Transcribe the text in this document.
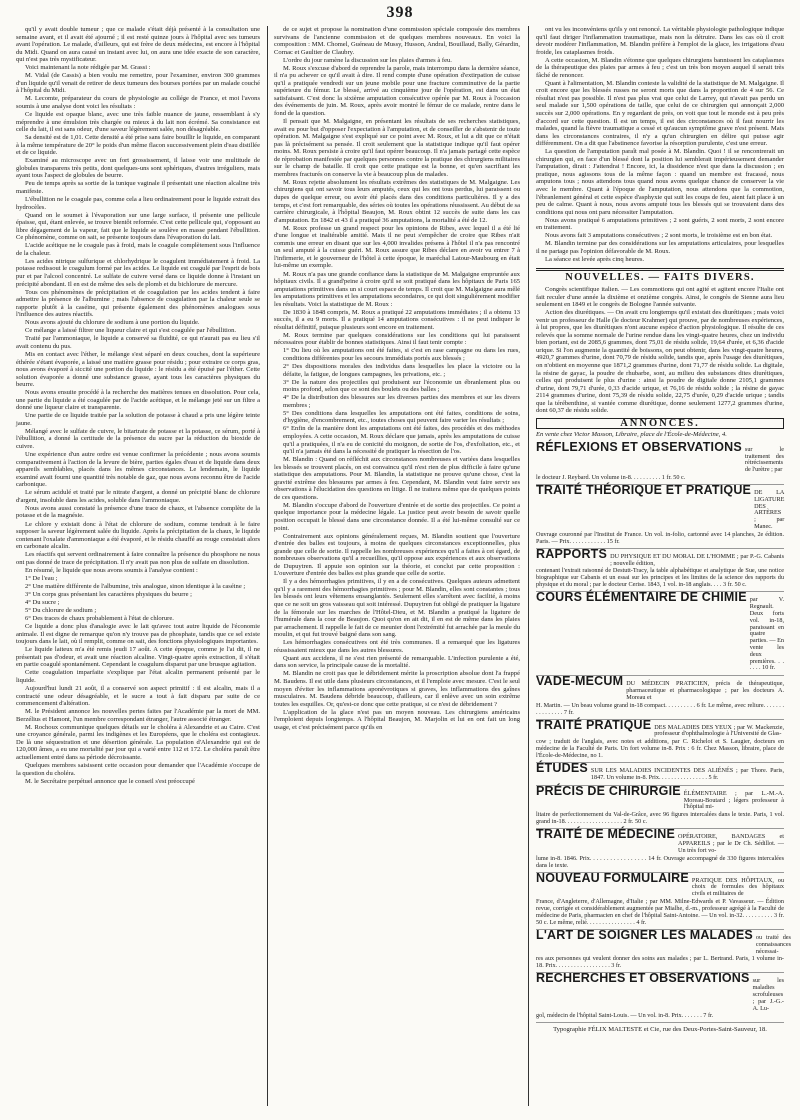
398

qu'il y avait double tumeur ; que ce malade s'était déjà présenté à la consultation une semaine avant, et il avait été ajourné ; il est resté quinze jours à l'hôpital avec ses tumeurs avant l'opération. Le malade, d'ailleurs, qui est frère de deux médecins, est encore à l'hôpital du Midi. Quand on aura causé un instant avec lui, on aura une idée exacte de son caractère, qui n'est pas très mystificateur.

Voici maintenant la note rédigée par M. Grassi :

M. Vidal (de Cassis) a bien voulu me remettre, pour l'examiner, environ 300 grammes d'un liquide qu'il venait de retirer de deux tumeurs des bourses portées par un malade couché à l'hôpital du Midi.

M. Lecomte, préparateur du cours de physiologie au collége de France, et moi l'avons soumis à une analyse dont voici les résultats :

Ce liquide est opaque blanc, avec une très faible nuance de jaune, ressemblant à s'y méprendre à une émulsion très chargée ou mieux à du lait non écrémé. Sa consistance est celle du lait, il est sans odeur, d'une saveur légèrement salée, non désagréable.

Sa densité est de 1,01. Cette densité a été prise sans faire bouillir le liquide, en comparant à la même température de 20° le poids d'un même flacon successivement plein d'eau distillée et de ce liquide.

Examiné au microscope avec un fort grossissement, il laisse voir une multitude de globules transparens très petits, dont quelques-uns sont sphériques, d'autres irréguliers, mais ayant tous l'aspect de globules de beurre.

Peu de temps après sa sortie de la tunique vaginale il présentait une réaction alcaline très manifeste.

L'ébullition ne le coagule pas, comme cela a lieu ordinairement pour le liquide extrait des hydrocèles.

Quand on le soumet à l'évaporation sur une large surface, il présente une pellicule épaisse, qui, étant enlevée, se trouve bientôt reformée. C'est cette pellicule qui, s'opposant au libre dégagement de la vapeur, fait que le liquide se soulève en masse pendant l'ébullition. Ce phénomène, comme on sait, se présente toujours dans l'évaporation du lait.

L'acide acétique ne le coagule pas à froid, mais le coagule complètement sous l'influence de la chaleur.

Les acides nitrique sulfurique et chlorhydrique le coagulent immédiatement à froid. La potasse redissout le coagulum formé par les acides. Le liquide est coagulé par l'esprit de bois pur et par l'alcool concentré. Le sulfate de cuivre versé dans ce liquide donne à l'instant un précipité abondant. Il en est de même des sels de plomb et du bichlorure de mercure.

Tous ces phénomènes de précipitation et de coagulation par les acides tendent à faire admettre la présence de l'albumine ; mais l'absence de coagulation par la chaleur seule se rapporte plutôt à la caséine, qui présente également des phénomènes analogues sous l'influence des autres réactifs.

Nous avons ajouté du chlorure de sodium à une portion du liquide.

Ce mélange a laissé filtrer une liqueur claire et qui s'est coagulée par l'ébullition.

Traité par l'ammoniaque, le liquide a conservé sa fluidité, ce qui n'aurait pas eu lieu s'il avait contenu du pus.

Mis en contact avec l'éther, le mélange s'est séparé en deux couches, dont la supérieure éthérée s'étant évaporée, a laissé une matière grasse pour résidu ; pour extraire ce corps gras, nous avons évaporé à siccité une portion du liquide : le résidu a été épuisé par l'éther. Cette solution évaporée a donné une substance grasse, ayant tous les caractères physiques du beurre.

Nous avons ensuite procédé à la recherche des matières tenues en dissolution. Pour cela, une partie du liquide a été coagulée par de l'acide acétique, et le mélange jeté sur un filtre a donné une liqueur claire et transparente.

Une partie de ce liquide traitée par la solution de potasse à chaud a pris une légère teinte jaune.

Mélangé avec le sulfate de cuivre, le bitartrate de potasse et la potasse, ce sérum, porté à l'ébullition, a donné la certitude de la présence du sucre par la réduction du bioxide de cuivre.

Une expérience d'un autre ordre est venue confirmer la précédente ; nous avons soumis comparativement à l'action de la levure de bière, parties égales d'eau et de liquide dans deux appareils semblables, placés dans les mêmes circonstances. Le lendemain, le liquide examiné avait fourni une quantité très notable de gaz, que nous avons reconnu être de l'acide carbonique.

Le sérum acidulé et traité par le nitrate d'argent, a donné un précipité blanc de chlorure d'argent, insoluble dans les acides, soluble dans l'ammoniaque.

Nous avons aussi constaté la présence d'une trace de chaux, et l'absence complète de la potasse et de la magnésie.

Le chlore y existait donc à l'état de chlorure de sodium, comme tendrait à le faire supposer la saveur légèrement salée du liquide. Après la précipitation de la chaux, le liquide contenant l'oxalate d'ammoniaque a été évaporé, et le résidu chauffé au rouge consistait alors en carbonate alcalin.

Les réactifs qui servent ordinairement à faire connaître la présence du phosphore ne nous ont pas donné de trace de précipitation. Il n'y avait pas non plus de sulfate en dissolution.

En résumé, le liquide que nous avons soumis à l'analyse contient :

1° De l'eau ;

2° Une matière différente de l'albumine, très analogue, sinon identique à la caséine ;

3° Un corps gras présentant les caractères physiques du beurre ;

4° Du sucre ;

5° Du chlorure de sodium ;

6° Des traces de chaux probablement à l'état de chlorure.

Ce liquide a donc plus d'analogie avec le lait qu'avec tout autre liquide de l'économie animale. Il est digne de remarque qu'on n'y trouve pas de phosphate, tandis que ce sel existe toujours dans le lait, où il remplit, comme on sait, des fonctions physiologiques importantes.

Le liquide laiteux m'a été remis jeudi 17 août. A cette époque, comme je l'ai dit, il ne présentait pas d'odeur, et avait une réaction alcaline. Vingt-quatre après extraction, il s'était en partie coagulé spontanément. Cependant le coagulum disparut par une brusque agitation.

Cette coagulation imparfaite s'explique par l'état alcalin permanent présenté par le liquide.

Aujourd'hui lundi 21 août, il a conservé son aspect primitif : il est alcalin, mais il a contracté une odeur désagréable, et le sucre a tout à fait disparu par suite de ce commencement d'altération.

M. le Président annonce les nouvelles pertes faites par l'Académie par la mort de MM. Berzélius et Hamont, l'un membre correspondant étranger, l'autre associé étranger.

M. Rochoux communique quelques détails sur le choléra à Alexandrie et au Caire. C'est une croyance générale, parmi les indigènes et les Européens, que le choléra est contagieux. De là une séquestration et une désertion générale. La population d'Alexandrie qui est de 120,000 âmes, a eu une mortalité par jour qui a varié entre 112 et 172. Le choléra paraît être actuellement entré dans sa période décroissante.

Quelques membres saisissent cette occasion pour demander que l'Académie s'occupe de la question du choléra.

M. le Secrétaire perpétuel annonce que le conseil s'est préoccupé

de ce sujet et propose la nomination d'une commission spéciale composée des membres survivans de l'ancienne commission et de quelques membres nouveaux. En voici la composition : MM. Chomel, Guéneau de Mussy, Husson, Andral, Bouillaud, Bally, Gérardin, Cornac et Gaultier de Claubry.

L'ordre du jour ramène la discussion sur les plaies d'armes à feu.

M. Roux s'excuse d'abord de reprendre la parole, mais interrompu dans la dernière séance, il n'a pu achever ce qu'il avait à dire. Il rend compte d'une opération d'extirpation de cuisse qu'il a pratiquée vendredi sur un jeune mobile pour une fracture comminutive de la partie supérieure du fémur. Le blessé, arrivé au cinquième jour de l'opération, est dans un état satisfaisant. C'est donc la sixième amputation consécutive opérée par M. Roux à l'occasion des événements de juin. M. Roux, après avoir montré le fémur de ce malade, rentre dans le fond de la question.

Il pensait que M. Malgaigne, en présentant les résultats de ses recherches statistiques, avait eu pour but d'opposer l'expectation à l'amputation, et de conseiller de s'abstenir de toute opération. M. Malgaigne s'est expliqué sur ce point avec M. Roux, et lui a dit que ce n'était pas là précisément sa pensée. Il croit seulement que la statistique indique qu'il faut opérer moins. M. Roux persiste à croire qu'il faut opérer beaucoup. Il n'a jamais partagé cette espèce de réprobation manifestée par quelques personnes contre la pratique des chirurgiens militaires sur le champ de bataille. Il croit que cette pratique est la bonne, et qu'en sacrifiant les membres fracturés on conserve la vie à beaucoup plus de malades.

M. Roux rejette absolument les résultats extrêmes des statistiques de M. Malgaigne. Les chirurgiens qui ont savoir tous leurs amputés, ceux qui les ont tous perdus, lui paraissent ou dupes de quelque erreur, ou avoir été placés dans des conditions particulières. Il y a des temps, et c'est fort remarquable, des séries où toutes les opérations réussissent. Au début de sa carrière chirurgicale, à l'hôpital Beaujon, M. Roux obtint 12 succès de suite dans les cas d'amputation. En 1842 et 43 il a pratiqué 36 amputations, la mortalité a été de 12.

M. Roux professe un grand respect pour les opinions de Ribes, avec lequel il a été lié d'une longue et inaltérable amitié. Mais il ne peut s'empêcher de croire que Ribes n'ait commis une erreur en disant que sur les 4,000 invalides présens à l'hôtel il n'a pas rencontré un seul amputé à la cuisse guéri. M. Roux assure que Ribes déclare en avoir vu entrer 7 à l'infirmerie, et le gouverneur de l'hôtel à cette époque, le maréchal Latour-Maubourg en était lui-même un exemple.

M. Roux n'a pas une grande confiance dans la statistique de M. Malgaigne empruntée aux hôpitaux civils. Il a grand'peine à croire qu'il se soit pratiqué dans les hôpitaux de Paris 165 amputations primitives dans un si court espace de temps. Il croit que M. Malgaigne aura mêlé les amputations primitives et les amputations secondaires, ce qui doit singulièrement modifier les résultats. Voici la statistique de M. Roux :

De 1830 à 1848 compris, M. Roux a pratiqué 22 amputations immédiates ; il a obtenu 13 succès, il a eu 9 morts. Il a pratiqué 14 amputations consécutives : il ne peut indiquer le résultat définitif, puisque plusieurs sont encore en traitement.

M. Roux termine par quelques considérations sur les conditions qui lui paraissent nécessaires pour établir de bonnes statistiques. Ainsi il faut tenir compte :

1° Du lieu où les amputations ont été faites, si c'est en rase campagne ou dans les rues, conditions différentes pour les secours immédiats portés aux blessés ;

2° Des dispositions morales des individus dans lesquelles les place la victoire ou la défaite, la fatigue, de longues campagnes, les privations, etc. ;

3° De la nature des projectiles qui produisent sur l'économie un ébranlement plus ou moins profond, selon que ce sont des boulets ou des balles ;

4° De la distribution des blessures sur les diverses parties des membres et sur les divers membres ;

5° Des conditions dans lesquelles les amputations ont été faites, conditions de soins, d'hygiène, d'encombrement, etc., toutes choses qui peuvent faire varier les résultats ;

6° Enfin de la manière dont les amputations ont été faites, des procédés et des méthodes employées. A cette occasion, M. Roux déclare que jamais, après les amputations de cuisse qu'il a pratiquées, il n'a eu de conicité du moignon, de sortie de l'os, d'exfoliation, etc., et qu'il n'a jamais été dans la nécessité de pratiquer la résection de l'os.

M. Blandin : Quand on réfléchit aux circonstances nombreuses et variées dans lesquelles les blessés se trouvent placés, on est convaincu qu'il n'est rien de plus difficile à faire qu'une statistique des amputations. Pour M. Blandin, la statistique ne prouve qu'une chose, c'est la gravité extrême des blessures par armes à feu. Cependant, M. Blandin veut faire servir ses observations à l'élucidation des questions en litige. Il ne traitera même que de quelques points de ces questions.

M. Blandin s'occupe d'abord de l'ouverture d'entrée et de sortie des projectiles. Ce point a quelque importance pour la médecine légale. La justice peut avoir besoin de savoir quelle position occupait le blessé dans une circonstance donnée. Il a été lui-même consulté sur ce point.

Contrairement aux opinions généralement reçues, M. Blandin soutient que l'ouverture d'entrée des balles est toujours, à moins de quelques circonstances exceptionnelles, plus grande que celle de sortie. Il rappelle les nombreuses expériences qu'il a faites à cet égard, de nombreuses observations qu'il a recueillies, qu'il oppose aux expériences et aux observations de Dupuytren. Il appuie son opinion sur la théorie, et conclut par cette proposition : L'ouverture d'entrée des balles est plus grande que celle de sortie.

Il y a des hémorrhagies primitives, il y en a de consécutives. Quelques auteurs admettent qu'il y a rarement des hémorrhagies primitives ; pour M. Blandin, elles sont constantes ; tous les blessés ont leurs vêtemens ensanglantés. Seulement elles s'arrêtent avec facilité, à moins que ce ne soit un gros vaisseau qui soit intéressé. Dupuytren fut obligé de pratiquer la ligature de la fémorale sur les marches de l'Hôtel-Dieu, et M. Blandin a pratiqué la ligature de l'humérale dans la cour de Beaujon. Quoi qu'on en ait dit, il en est de même dans les plaies par arrachement. Il rappelle le fait de ce meunier dont l'extrémité fut arrachée par la meule du moulin, et qui fut trouvé baigné dans son sang.

Les hémorrhagies consécutives ont été très communes. Il a remarqué que les ligatures réussissaient mieux que dans les autres blessures.

Quant aux accidens, il ne s'est rien présenté de remarquable. L'infection purulente a été, dans son service, la principale cause de la mortalité.

M. Blandin ne croit pas que le débridement mérite la proscription absolue dont l'a frappé M. Baudens. Il est utile dans plusieurs circonstances, et il l'emploie avec mesure. C'est le seul moyen d'éviter les inflammations aponévrotiques si graves, les inflammations des gaînes musculaires. M. Baudens débride beaucoup, d'ailleurs, car il enlève avec un soin extrême toutes les esquilles. Or, qu'est-ce donc que cette pratique, si ce n'est de débridement ?

L'application de la glace n'est pas un moyen nouveau. Les chirurgiens américains l'emploient depuis longtemps. A l'hôpital Beaujon, M. Marjolin et lui en ont fait un long usage, et c'est précisément parce qu'ils en

ont vu les inconvéniens qu'ils y ont renoncé. La véritable physiologie pathologique indique qu'il faut diriger l'inflammation traumatique, mais non la détruire. Dans les cas où il croit devoir modérer l'inflammation, M. Blandin préfère à l'emploi de la glace, les irrigations d'eau froide, les cataplasmes froids.

A cette occasion, M. Blandin s'étonne que quelques chirurgiens bannissent les cataplasmes de la thérapeutique des plaies par armes à feu ; c'est un très bon moyen auquel il serait très fâché de renoncer.

Quant à l'alimentation, M. Blandin conteste la validité de la statistique de M. Malgaigne. Il croit encore que les blessés russes ne seront morts que dans la proportion de 4 sur 56. Ce résultat n'est pas possible. Il n'est pas plus vrai que celui de Larrey, qui n'avait pas perdu un seul malade sur 1,500 opérations de taille, que celui de ce chirurgien qui annonçait 2,000 succès sur 2,000 opérations. En y regardant de près, on voit que tout le monde est à peu près d'accord sur cette question. Il est un temps, il est des circonstances où il faut nourrir les malades, quand la fièvre traumatique a cessé et qu'aucun symptôme grave n'est présent. Mais dans les circonstances contraires, il n'y a qu'un chirurgien en délire qui puisse agir différemment. On a dit que l'abstinence favorise la résorption purulente, c'est une erreur.

La question de l'amputation paraît mal posée à M. Blandin. Quoi ! il se rencontrerait un chirurgien qui, en face d'un blessé dont la position lui semblerait impérieusement demander l'amputation, dirait : J'attendrai ! Encore, ici, la dissidence n'est que dans la discussion ; en pratique, nous agissons tous de la même façon : quand un membre est fracassé, nous amputons tous ; nous attendons tous quand nous avons quelque chance de conserver la vie avec le membre. Quant à l'époque de l'amputation, nous attendons que la commotion, l'ébranlement général et cette espèce d'asphyxie qui suit les coups de feu, aient fait place à un peu de calme. Quant à nous, nous avons amputé tous les blessés qui se trouvaient dans des conditions qui nous ont paru nécessiter l'amputation.

Nous avons pratiqué 6 amputations primitives ; 2 sont guéris, 2 sont morts, 2 sont encore en traitement.

Nous avons fait 3 amputations consécutives ; 2 sont morts, le troisième est en bon état.

M. Blandin termine par des considérations sur les amputations articulaires, pour lesquelles il ne partage pas l'opinion défavorable de M. Roux.

La séance est levée après cinq heures.

NOUVELLES. — FAITS DIVERS.

Congrès scientifique italien. — Les commotions qui ont agité et agitent encore l'Italie ont fait reculer d'une année la dixième et onzième congrès. Ainsi, le congrès de Sienne aura lieu seulement en 1849 et le congrès de Bologne l'année suivante.

Action des diurétiques. — On avait cru longtemps qu'il existait des diurétiques ; mais voici venir un professeur de Halle (le docteur Krahmer) qui prouve, par de nombreuses expériences, à lui propres, que les diurétiques n'ont aucune espèce d'action physiologique. Il résulte de ces relevés que la somme normale de l'urine rendue dans les vingt-quatre heures, chez un individu bien portant, est de 2085,6 grammes, dont 75,01 de résidu solide, 19,64 d'urée, et 6,36 d'acide urique. Si l'on augmente la quantité de boissons, on peut obtenir, dans les vingt-quatre heures, 4920,7 grammes d'urine, dont 70,79 de résidu solide, tandis que, après l'usage des diurétiques, on n'obtient en moyenne que 1871,2 grammes d'urine, dont 71,77 de résidu solide. La digitale, la résine de gayac, la poudre de rhubarbe, sont, au milieu des substances dites diurétiques, celles qui produisent le plus d'urine : ainsi la poudre de digitale donne 2105,1 grammes d'urine, dont 79,71 d'urée, 0,33 d'acide urique, et 76,16 de résidu solide ; la résine de gayac 2114 grammes d'urine, dont 75,39 de résidu solide, 22,75 d'urée, 0,29 d'acide urique ; tandis que la térébenthine, si vantée comme diurétique, donne seulement 1277,2 grammes d'urine, dont 60,37 de résidu solide.

ANNONCES.
En vente chez Victor Masson, Libraire, place de l'École-de-Médecine, 4.
RÉFLEXIONS ET OBSERVATIONS sur le traitement des rétrécissements de l'urètre ; par
le docteur J. Reybard. Un volume in-8. . . . . . . . . . 1 fr. 50 c.
TRAITÉ THÉORIQUE ET PRATIQUE DE LA LIGATURE DES ARTÈRES ; par Manec.
Ouvrage couronné par l'Institut de France. Un vol. in-folio, cartonné avec 14 planches, 2e édition. Paris. — Prix. . . . . . . . . . . . 15 fr.
RAPPORTS DU PHYSIQUE ET DU MORAL DE L'HOMME ; par P.-G. Cabanis ; nouvelle édition,
contenant l'extrait raisonné de Destutt-Tracy, la table alphabétique et analytique de Sue, une notice biographique sur Cabanis et un essai sur les principes et les limites de la science des rapports du physique et du moral ; par le docteur Cerise. 1843, 1 vol. in-18 anglais. . . . 3 fr. 50 c.
COURS ÉLÉMENTAIRE DE CHIMIE par V. Regnault. Deux forts vol. in-18, paraissant en quatre parties. — En vente les deux premières. . . . . . . 10 fr.
VADE-MECUM DU MÉDECIN PRATICIEN, précis de thérapeutique, pharmaceutique et pharmacologique ; par les docteurs A. Moreau et
H. Martin. — Un beau volume grand in-18 compact. . . . . . . . . . 6 fr. Le même, avec reliure. . . . . . . . . . . . . . . . 7 fr.
TRAITÉ PRATIQUE DES MALADIES DES YEUX ; par W. Mackenzie, professeur d'ophthalmologie à l'Université de Glas-
cow ; traduit de l'anglais, avec notes et additions, par C. Richelot et S. Laugier, docteurs en médecine de la Faculté de Paris. Un fort volume in-8. Prix : 6 fr. Chez Masson, libraire, place de l'École-de-Médecine, no 1.
ÉTUDES SUR LES MALADIES INCIDENTES DES ALIÉNÉS ; par Thore. Paris, 1847. Un volume in-8. Prix. . . . . . . . . . . . . . . . 5 fr.
PRÉCIS DE CHIRURGIE ÉLÉMENTAIRE ; par L.-M.-A. Moreau-Boutard ; légers professeur à l'hôpital mi-
litaire de perfectionnement du Val-de-Grâce, avec 96 figures intercalées dans le texte. Paris, 1 vol. grand in-18. . . . . . . . . . . . . . . . . . . 2 fr. 50 c.
TRAITÉ DE MÉDECINE OPÉRATOIRE, BANDAGES et APPAREILS ; par le Dr Ch. Sédillot. — Un très fort vo-
lume in-8. 1846. Prix. . . . . . . . . . . . . . . . . 14 fr. Ouvrage accompagné de 330 figures intercalées dans le texte.
NOUVEAU FORMULAIRE PRATIQUE DES HÔPITAUX, ou choix de formules des hôpitaux civils et militaires de
France, d'Angleterre, d'Allemagne, d'Italie ; par MM. Milne-Edwards et P. Vavasseur. — Édition revue, corrigée et considérablement augmentée par Mialhe, d.-m., professeur agrégé à la Faculté de médecine de Paris, pharmacien en chef de l'hôpital Saint-Antoine. — Un vol. in-32. . . . . . . . . . 3 fr. 50 c. Le même, relié. . . . . . . . . . . . . . . . 4 fr.
L'ART DE SOIGNER LES MALADES ou traité des connaissances nécessai-
res aux personnes qui veulent donner des soins aux malades ; par L. Bertrand. Paris, 1 volume in-18. Prix. . . . . . . . . . . . . . . . . . 3 fr.
RECHERCHES ET OBSERVATIONS sur les maladies scrofuleuses ; par J.-G.-A. Lu-
gol, médecin de l'hôpital Saint-Louis. — Un vol. in-8. Prix. . . . . . . 7 fr.
Typographie FÉLIX MALTESTE et Cie, rue des Deux-Portes-Saint-Sauveur, 18.
